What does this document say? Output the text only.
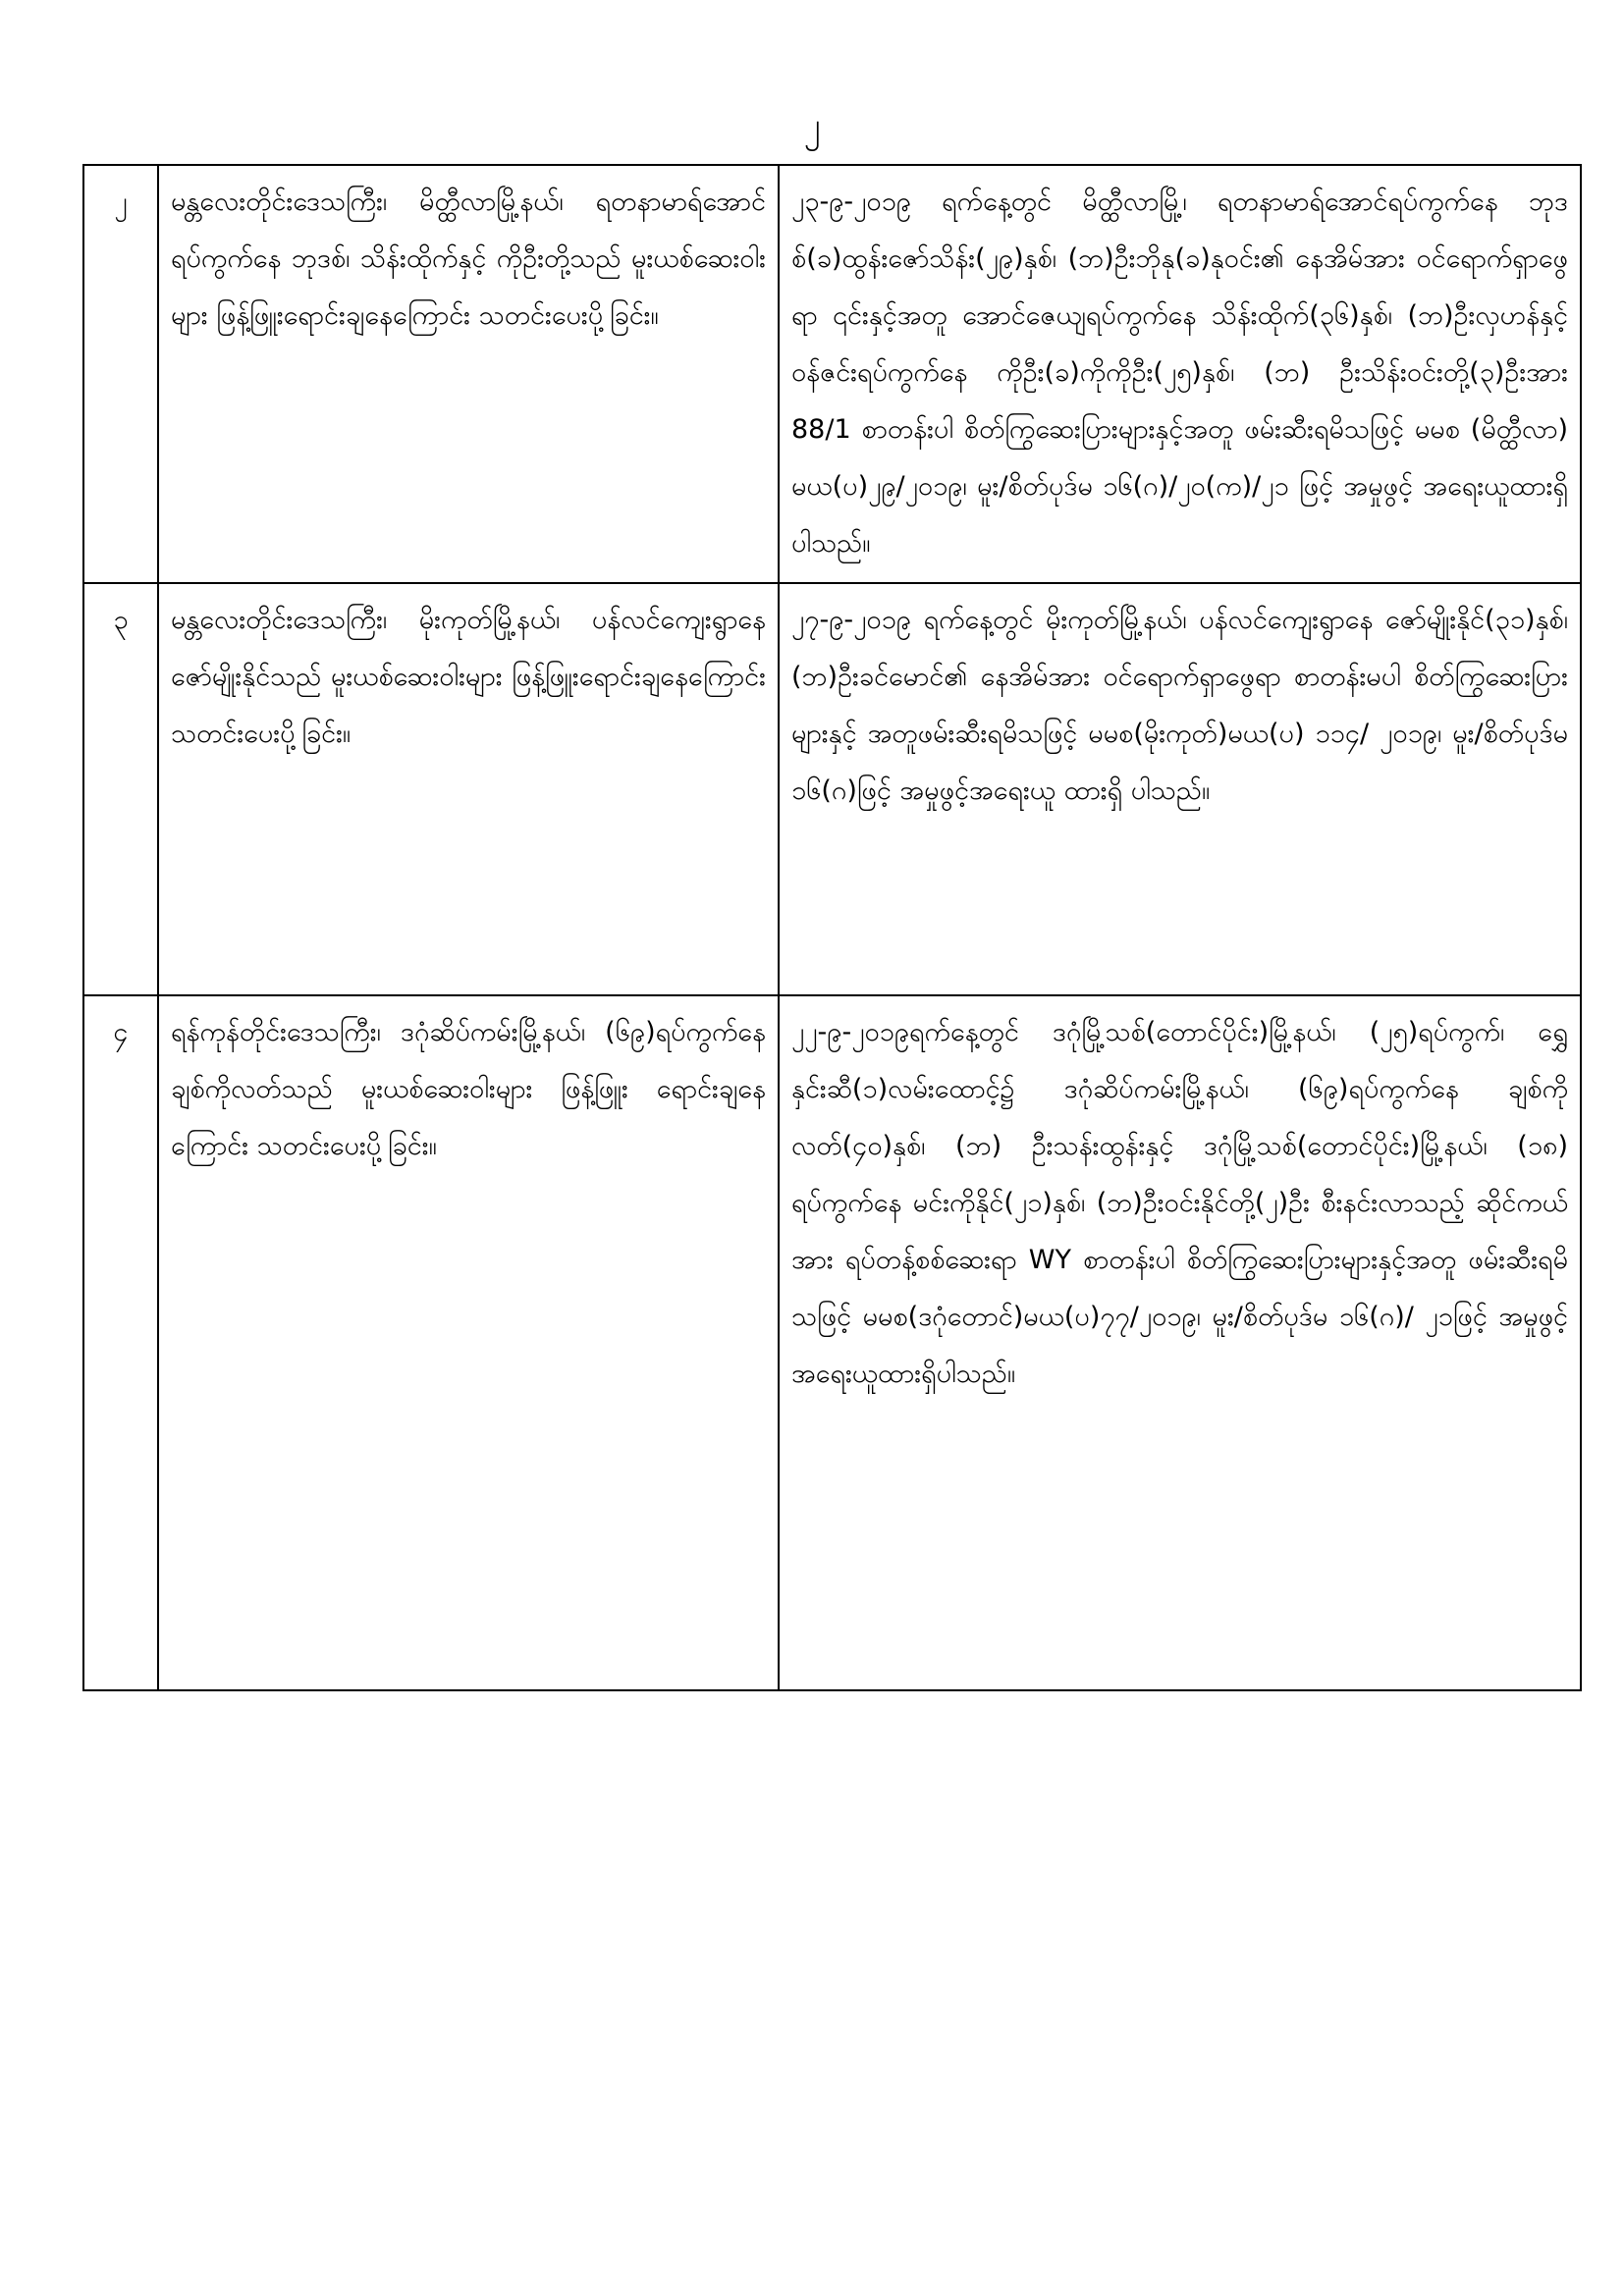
၂
၂	မန္တလေးတိုင်းဒေသကြီး၊ မိတ္ထီလာမြို့နယ်၊ ရတနာမာရ်အောင်ရပ်ကွက်နေ ဘုဒစ်၊ သိန်းထိုက်နှင့် ကိုဦးတို့သည် မူးယစ်ဆေးဝါးများ ဖြန့်ဖြူးရောင်းချနေကြောင်း သတင်းပေးပို့ခြင်း။	၂၃-၉-၂၀၁၉ ရက်နေ့တွင် မိတ္ထီလာမြို့၊ ရတနာမာရ်အောင်ရပ်ကွက်နေ ဘုဒစ်(ခ)ထွန်းဇော်သိန်း(၂၉)နှစ်၊ (ဘ)ဦးဘိုနု(ခ)နုဝင်း၏ နေအိမ်အား ဝင်ရောက်ရှာဖွေရာ ၎င်းနှင့်အတူ အောင်ဇေယျရပ်ကွက်နေ သိန်းထိုက်(၃၆)နှစ်၊ (ဘ)ဦးလှဟန်နှင့် ဝန်ဇင်းရပ်ကွက်နေ ကိုဦး(ခ)ကိုကိုဦး(၂၅)နှစ်၊ (ဘ) ဦးသိန်းဝင်းတို့(၃)ဦးအား 88/1 စာတန်းပါ စိတ်ကြွဆေးပြားများနှင့်အတူ ဖမ်းဆီးရမိသဖြင့် မမစ (မိတ္ထီလာ) မယ(ပ)၂၉/၂၀၁၉၊ မူး/စိတ်ပုဒ်မ ၁၆(ဂ)/၂၀(က)/၂၁ ဖြင့် အမှုဖွင့် အရေးယူထားရှိပါသည်။
၃	မန္တလေးတိုင်းဒေသကြီး၊ မိုးကုတ်မြို့နယ်၊ ပန်လင်ကျေးရွာနေ ဇော်မျိုးနိုင်သည် မူးယစ်ဆေးဝါးများ ဖြန့်ဖြူးရောင်းချနေကြောင်း သတင်းပေးပို့ခြင်း။	၂၇-၉-၂၀၁၉ ရက်နေ့တွင် မိုးကုတ်မြို့နယ်၊ ပန်လင်ကျေးရွာနေ ဇော်မျိုးနိုင်(၃၁)နှစ်၊ (ဘ)ဦးခင်မောင်၏ နေအိမ်အား ဝင်ရောက်ရှာဖွေရာ စာတန်းမပါ စိတ်ကြွဆေးပြားများနှင့် အတူဖမ်းဆီးရမိသဖြင့် မမစ(မိုးကုတ်)မယ(ပ) ၁၁၄/ ၂၀၁၉၊ မူး/စိတ်ပုဒ်မ ၁၆(ဂ)ဖြင့် အမှုဖွင့်အရေးယူ ထားရှိ ပါသည်။
၄	ရန်ကုန်တိုင်းဒေသကြီး၊ ဒဂုံဆိပ်ကမ်းမြို့နယ်၊ (၆၉)ရပ်ကွက်နေ ချစ်ကိုလတ်သည် မူးယစ်ဆေးဝါးများ ဖြန့်ဖြူး ရောင်းချနေကြောင်း သတင်းပေးပို့ခြင်း။	၂၂-၉-၂၀၁၉ရက်နေ့တွင် ဒဂုံမြို့သစ်(တောင်ပိုင်း)မြို့နယ်၊ (၂၅)ရပ်ကွက်၊ ရွှေနှင်းဆီ(၁)လမ်းထောင့်၌ ဒဂုံဆိပ်ကမ်းမြို့နယ်၊ (၆၉)ရပ်ကွက်နေ ချစ်ကိုလတ်(၄၀)နှစ်၊ (ဘ) ဦးသန်းထွန်းနှင့် ဒဂုံမြို့သစ်(တောင်ပိုင်း)မြို့နယ်၊ (၁၈) ရပ်ကွက်နေ မင်းကိုနိုင်(၂၁)နှစ်၊ (ဘ)ဦးဝင်းနိုင်တို့(၂)ဦး စီးနင်းလာသည့် ဆိုင်ကယ်အား ရပ်တန့်စစ်ဆေးရာ WY စာတန်းပါ စိတ်ကြွဆေးပြားများနှင့်အတူ ဖမ်းဆီးရမိသဖြင့် မမစ(ဒဂုံတောင်)မယ(ပ)၇၇/၂၀၁၉၊ မူး/စိတ်ပုဒ်မ ၁၆(ဂ)/ ၂၁ဖြင့် အမှုဖွင့် အရေးယူထားရှိပါသည်။
